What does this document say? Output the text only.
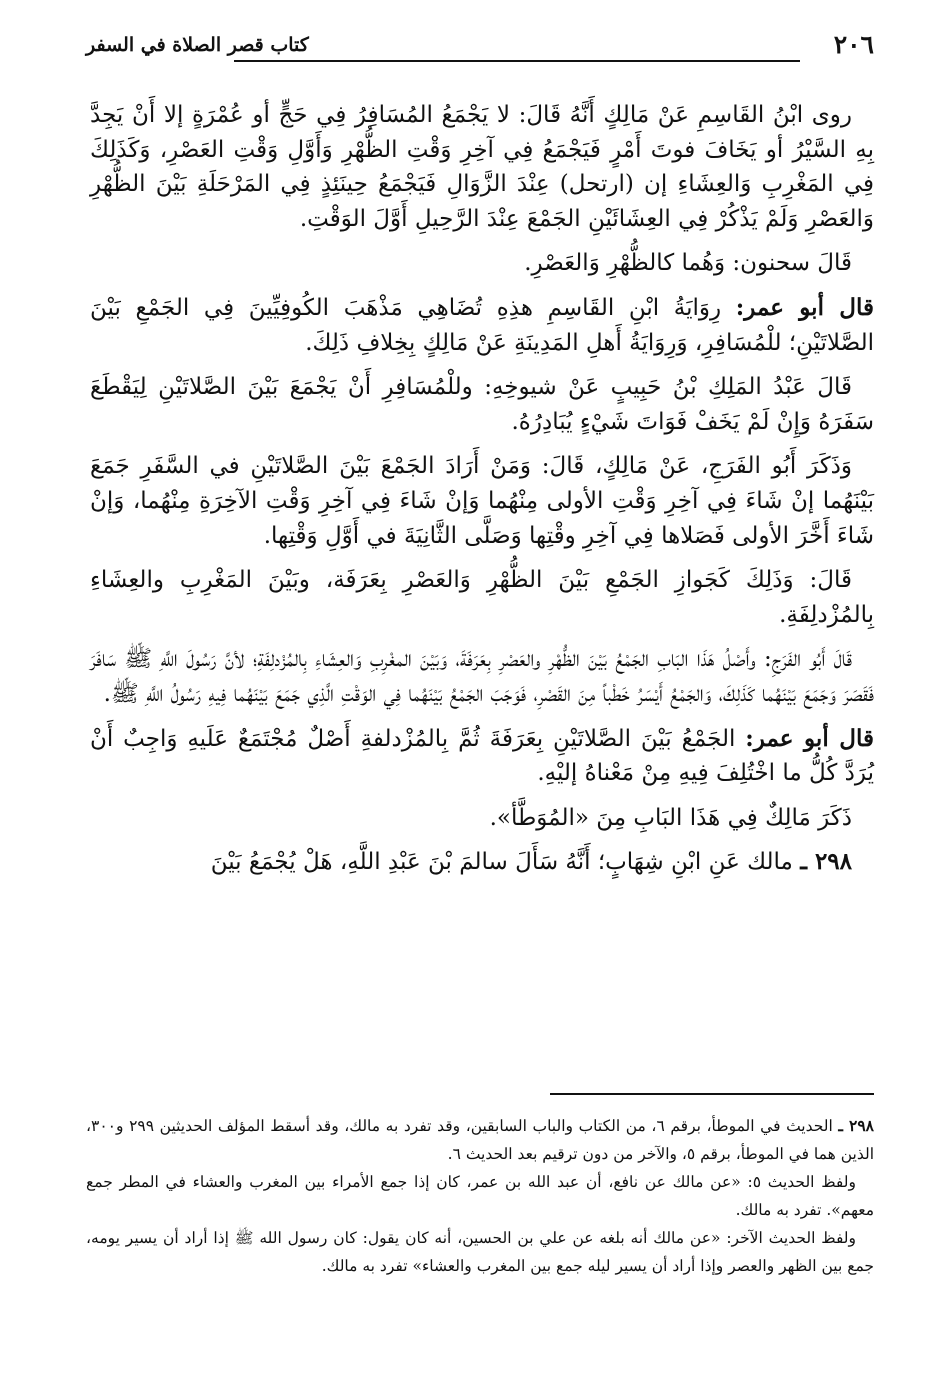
٢٠٦
كتاب قصر الصلاة في السفر

روى ابْنُ القَاسِمِ عَنْ مَالِكٍ أَنَّهُ قَالَ: لا يَجْمَعُ المُسَافِرُ فِي حَجٍّ أو عُمْرَةٍ إلا أَنْ يَجِدَّ بِهِ السَّيْرُ أو يَخَافَ فوتَ أَمْرٍ فَيَجْمَعُ فِي آخِرِ وَقْتِ الظُّهْرِ وَأَوَّلِ وَقْتِ العَصْرِ، وَكَذَلِكَ فِي المَغْرِبِ وَالعِشَاءِ إن (ارتحل) عِنْدَ الزَّوَالِ فَيَجْمَعُ حِينَئِذٍ فِي المَرْحَلَةِ بَيْنَ الظُّهْرِ وَالعَصْرِ وَلَمْ يَذْكُرْ فِي العِشَائَيْنِ الجَمْعَ عِنْدَ الرَّحِيلِ أَوَّلَ الوَقْتِ.

قَالَ سحنون: وَهُما كالظُّهْرِ وَالعَصْرِ.

قال أبو عمر: رِوَايَةُ ابْنِ القَاسِمِ هذِهِ تُضَاهِي مَذْهَبَ الكُوفِيِّينَ فِي الجَمْعِ بَيْنَ الصَّلاتَيْنِ؛ للْمُسَافِرِ، وَرِوَايَةُ أَهلِ المَدِينَةِ عَنْ مَالِكٍ بِخِلافِ ذَلِكَ.

قَالَ عَبْدُ المَلِكِ بْنُ حَبِيبٍ عَنْ شيوخِهِ: وللْمُسَافِرِ أَنْ يَجْمَعَ بَيْنَ الصَّلاتَيْنِ لِيَقْطَعَ سَفَرَهُ وَإِنْ لَمْ يَخَفْ فَوَاتَ شَيْءٍ يُبَادِرُهُ.

وَذَكَرَ أَبُو الفَرَجِ، عَنْ مَالِكٍ، قَالَ: وَمَنْ أَرَادَ الجَمْعَ بَيْنَ الصَّلاتَيْنِ في السَّفَرِ جَمَعَ بَيْنَهُما إنْ شَاءَ فِي آخِرِ وَقْتِ الأولى مِنْهُما وَإنْ شَاءَ فِي آخِرِ وَقْتِ الآخِرَةِ مِنْهُما، وَإنْ شَاءَ أَخَّرَ الأولى فَصَلاها فِي آخِرِ وقْتِها وَصَلَّى الثَّانِيَةَ في أَوَّلِ وَقْتِها.

قَالَ: وَذَلِكَ كَجَوازِ الجَمْعِ بَيْنَ الظُّهْرِ وَالعَصْرِ بِعَرَفَة، وبَيْنَ المَغْرِبِ والعِشَاءِ بِالمُزْدلِفَةِ.

قَالَ أَبُو الفَرَجِ: وأَصْلُ هَذَا البَابِ الجَمْعُ بَيْنَ الظُّهْرِ والعَصْرِ بِعَرَفَةَ، وَبَيْنَ المغْرِبِ وَالعِشَاءِ بِالمُزْدلِفَةِ؛ لأنَّ رَسُولَ اللَّهِ ﷺ سَافَرَ فَقَصَرَ وَجَمَعَ بَيْنَهُما كَذَلِكَ، وَالجَمْعُ أَيْسَرُ خَطْباً مِنَ القَصْرِ، فَوَجَبَ الجَمْعُ بَيْنَهُما فِي الوَقْتِ الَّذِي جَمَعَ بَيْنَهُما فِيهِ رَسُولُ اللَّهِ ﷺ.

قال أبو عمر: الجَمْعُ بَيْنَ الصَّلاتَيْنِ بِعَرَفَةَ ثُمَّ بِالمُزْدلفةِ أَصْلٌ مُجْتَمَعٌ عَلَيهِ وَاجِبٌ أَنْ يُرَدَّ كُلُّ ما اخْتُلِفَ فِيهِ مِنْ مَعْناهُ إليْهِ.

ذَكَرَ مَالِكٌ فِي هَذَا البَابِ مِنَ «المُوَطَّأ».

٢٩٨ ـ مالك عَنِ ابْنِ شِهَابٍ؛ أَنَّهُ سَأَلَ سالمَ بْنَ عَبْدِ اللَّهِ، هَلْ يُجْمَعُ بَيْنَ

٢٩٨ ـ الحديث في الموطأ، برقم ٦، من الكتاب والباب السابقين، وقد تفرد به مالك، وقد أسقط المؤلف الحديثين ٢٩٩ و٣٠٠، الذين هما في الموطأ، برقم ٥، والآخر من دون ترقيم بعد الحديث ٦.

ولفظ الحديث ٥: «عن مالك عن نافع، أن عبد الله بن عمر، كان إذا جمع الأمراء بين المغرب والعشاء في المطر جمع معهم». تفرد به مالك.

ولفظ الحديث الآخر: «عن مالك أنه بلغه عن علي بن الحسين، أنه كان يقول: كان رسول الله ﷺ إذا أراد أن يسير يومه، جمع بين الظهر والعصر وإذا أراد أن يسير ليله جمع بين المغرب والعشاء» تفرد به مالك.
